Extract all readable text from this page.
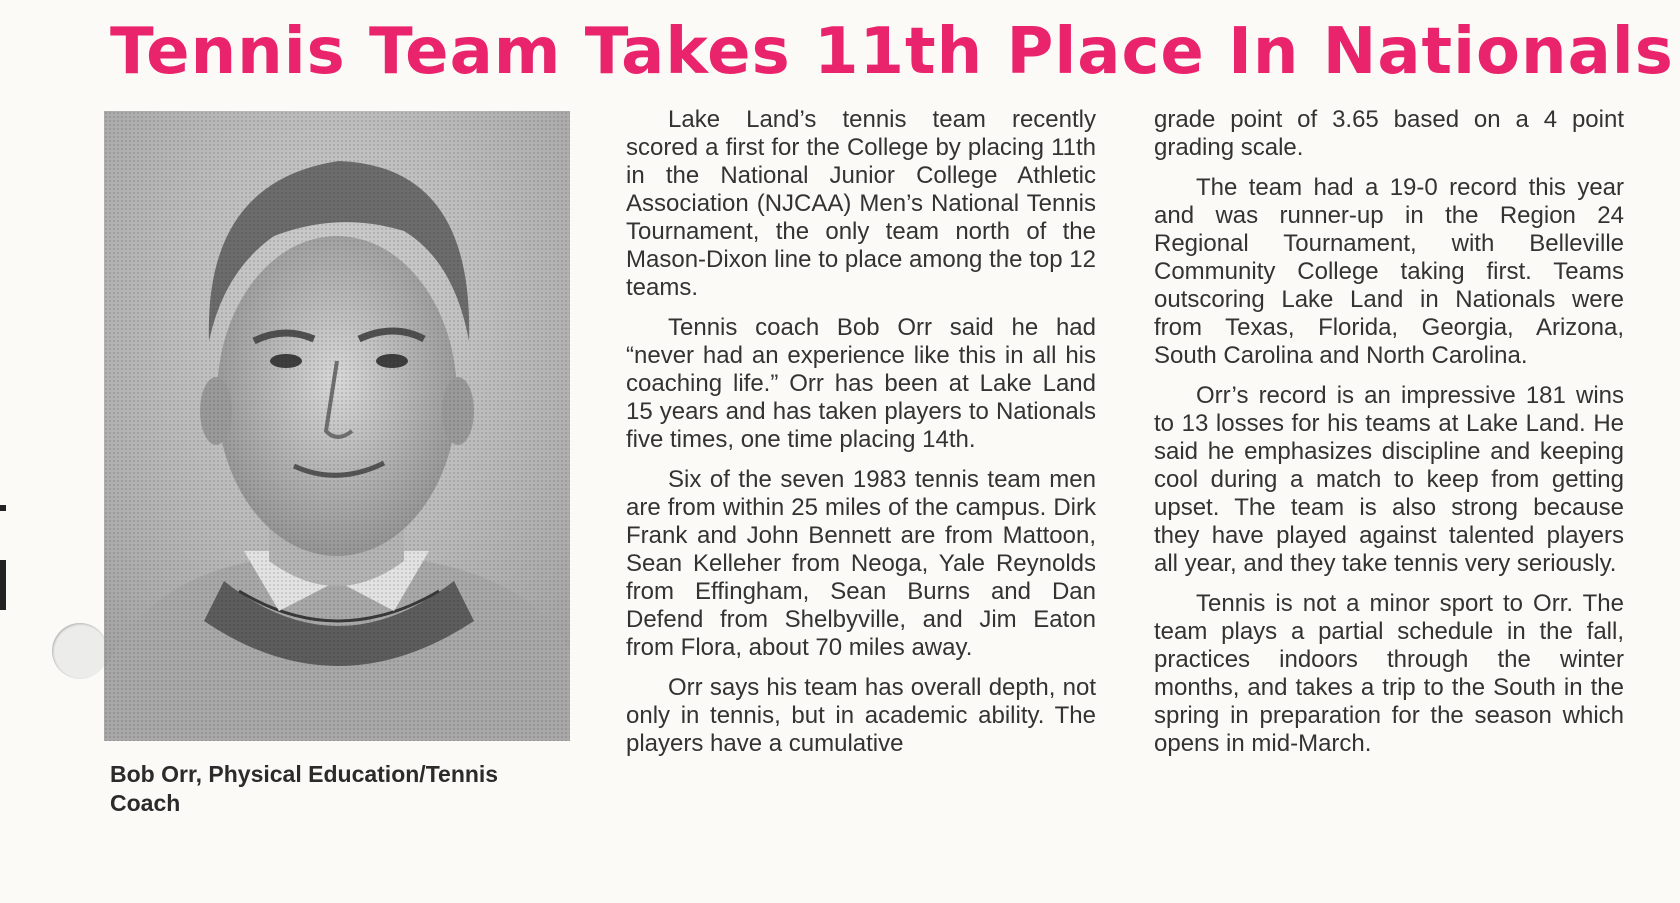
Tennis Team Takes 11th Place In Nationals
Bob Orr, Physical Education/Tennis
Coach

Lake Land’s tennis team recently scored a first for the College by placing 11th in the National Junior College Athletic Association (NJCAA) Men’s National Tennis Tournament, the only team north of the Mason-Dixon line to place among the top 12 teams.

Tennis coach Bob Orr said he had “never had an experience like this in all his coaching life.” Orr has been at Lake Land 15 years and has taken players to Nationals five times, one time placing 14th.

Six of the seven 1983 tennis team men are from within 25 miles of the campus. Dirk Frank and John Bennett are from Mattoon, Sean Kelleher from Neoga, Yale Reynolds from Effingham, Sean Burns and Dan Defend from Shelbyville, and Jim Eaton from Flora, about 70 miles away.

Orr says his team has overall depth, not only in tennis, but in academic ability. The players have a cumulative

grade point of 3.65 based on a 4 point grading scale.

The team had a 19-0 record this year and was runner-up in the Region 24 Regional Tournament, with Belleville Community College taking first. Teams outscoring Lake Land in Nationals were from Texas, Florida, Georgia, Arizona, South Carolina and North Carolina.

Orr’s record is an impressive 181 wins to 13 losses for his teams at Lake Land. He said he emphasizes discipline and keeping cool during a match to keep from getting upset. The team is also strong because they have played against talented players all year, and they take tennis very seriously.

Tennis is not a minor sport to Orr. The team plays a partial schedule in the fall, practices indoors through the winter months, and takes a trip to the South in the spring in preparation for the season which opens in mid-March.
